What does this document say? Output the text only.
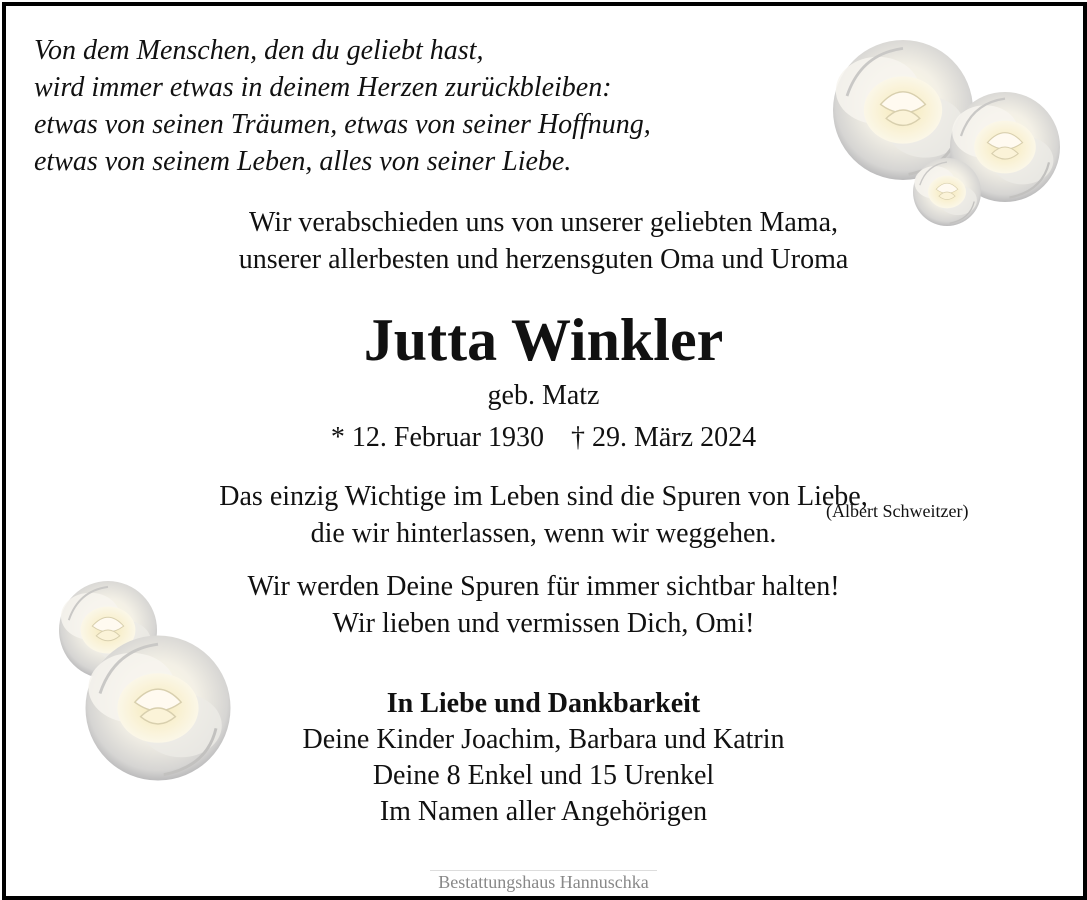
Von dem Menschen, den du geliebt hast,
wird immer etwas in deinem Herzen zurückbleiben:
etwas von seinen Träumen, etwas von seiner Hoffnung,
etwas von seinem Leben, alles von seiner Liebe.
Wir verabschieden uns von unserer geliebten Mama,
unserer allerbesten und herzensguten Oma und Uroma
Jutta Winkler
geb. Matz
* 12. Februar 1930 † 29. März 2024
Das einzig Wichtige im Leben sind die Spuren von Liebe,
die wir hinterlassen, wenn wir weggehen.
(Albert Schweitzer)
Wir werden Deine Spuren für immer sichtbar halten!
Wir lieben und vermissen Dich, Omi!
In Liebe und Dankbarkeit
Deine Kinder Joachim, Barbara und Katrin
Deine 8 Enkel und 15 Urenkel
Im Namen aller Angehörigen
Bestattungshaus Hannuschka
